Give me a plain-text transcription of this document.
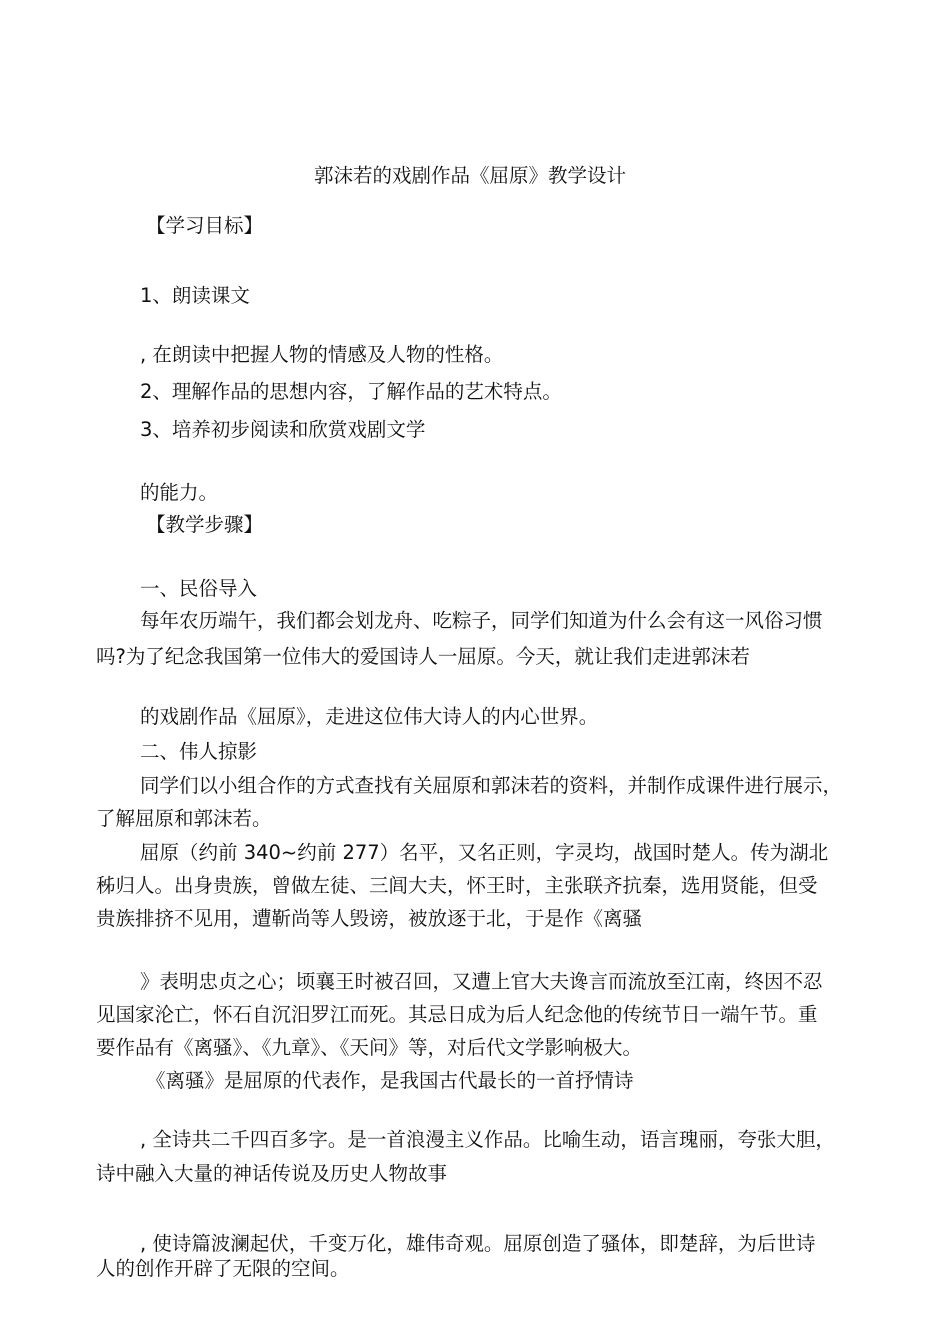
郭沫若的戏剧作品《屈原》教学设计
【学习目标】
1、朗读课文
, 在朗读中把握人物的情感及人物的性格。
2、理解作品的思想内容，了解作品的艺术特点。
3、培养初步阅读和欣赏戏剧文学
的能力。
【教学步骤】
一、民俗导入
每年农历端午，我们都会划龙舟、吃粽子，同学们知道为什么会有这一风俗习惯
吗?为了纪念我国第一位伟大的爱国诗人一屈原。今天，就让我们走进郭沫若
的戏剧作品《屈原》，走进这位伟大诗人的内心世界。
二、伟人掠影
同学们以小组合作的方式查找有关屈原和郭沫若的资料，并制作成课件进行展示，
了解屈原和郭沫若。
屈原（约前 340~约前 277）名平，又名正则，字灵均，战国时楚人。传为湖北
秭归人。出身贵族，曾做左徒、三闾大夫，怀王时，主张联齐抗秦，选用贤能，但受
贵族排挤不见用，遭靳尚等人毁谤，被放逐于北，于是作《离骚
》表明忠贞之心；顷襄王时被召回，又遭上官大夫谗言而流放至江南，终因不忍
见国家沦亡，怀石自沉汨罗江而死。其忌日成为后人纪念他的传统节日一端午节。重
要作品有《离骚》、《九章》、《天问》等，对后代文学影响极大。
《离骚》是屈原的代表作，是我国古代最长的一首抒情诗
, 全诗共二千四百多字。是一首浪漫主义作品。比喻生动，语言瑰丽，夸张大胆，
诗中融入大量的神话传说及历史人物故事
, 使诗篇波澜起伏，千变万化，雄伟奇观。屈原创造了骚体，即楚辞，为后世诗
人的创作开辟了无限的空间。
